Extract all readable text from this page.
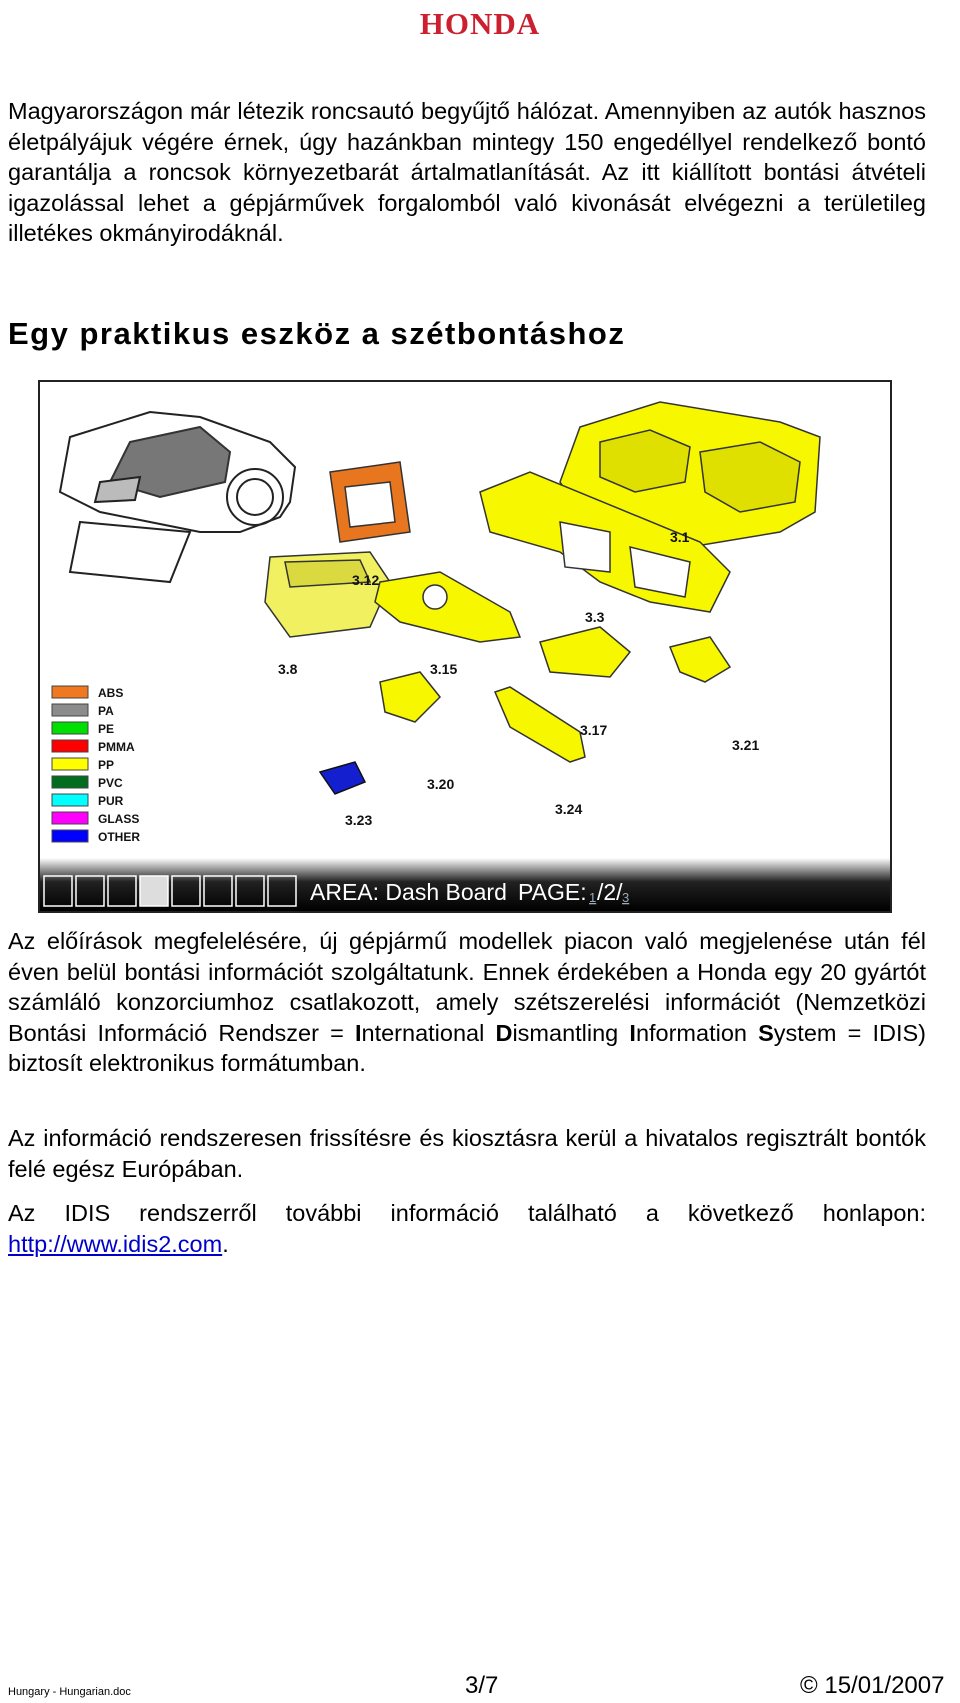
HONDA

Magyarországon már létezik roncsautó begyűjtő hálózat. Amennyiben az autók hasznos életpályájuk végére érnek, úgy hazánkban mintegy 150 engedéllyel rendelkező bontó garantálja a roncsok környezetbarát ártalmatlanítását. Az itt kiállított bontási átvételi igazolással lehet a gépjárművek forgalomból való kivonását elvégezni a területileg illetékes okmányirodáknál.

Egy praktikus eszköz a szétbontáshoz
3.1
3.12
3.3
3.8	3.15
3.17
3.21
3.20
3.24
3.23
ABS
PA
PE
PMMA
PP
PVC
PUR
GLASS
OTHER
AREA: Dash Board PAGE: 1 /2/ 3

Az előírások megfelelésére, új gépjármű modellek piacon való megjelenése után fél éven belül bontási információt szolgáltatunk. Ennek érdekében a Honda egy 20 gyártót számláló konzorciumhoz csatlakozott, amely szétszerelési információt (Nemzetközi Bontási Információ Rendszer = International Dismantling Information System = IDIS) biztosít elektronikus formátumban.

Az információ rendszeresen frissítésre és kiosztásra kerül a hivatalos regisztrált bontók felé egész Európában.

Az IDIS rendszerről további információ található a következő honlapon: http://www.idis2.com.

Hungary - Hungarian.doc	3/7	© 15/01/2007
